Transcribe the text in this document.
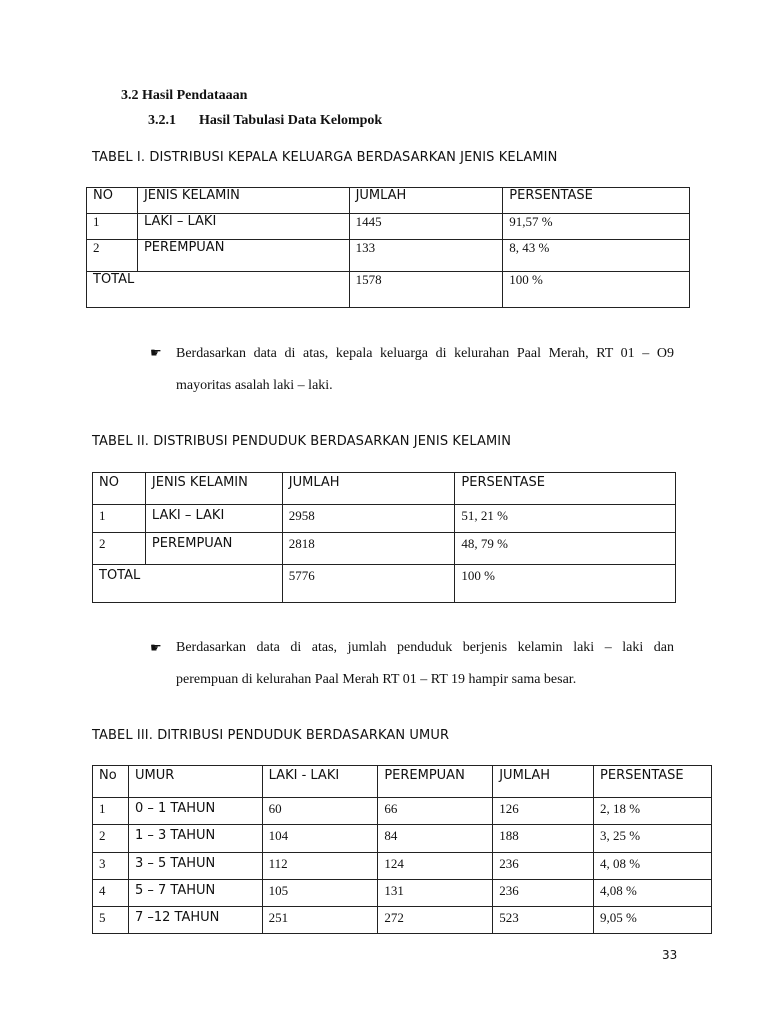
3.2 Hasil Pendataaan
3.2.1 Hasil Tabulasi Data Kelompok
TABEL I. DISTRIBUSI KEPALA KELUARGA BERDASARKAN JENIS KELAMIN
NO	JENIS KELAMIN	JUMLAH	PERSENTASE
1	LAKI – LAKI	1445	91,57 %
2	PEREMPUAN	133	8, 43 %
TOTAL		1578	100 %
☛ Berdasarkan data di atas, kepala keluarga di kelurahan Paal Merah, RT 01 – O9
mayoritas asalah laki – laki.
TABEL II. DISTRIBUSI PENDUDUK BERDASARKAN JENIS KELAMIN
NO	JENIS KELAMIN	JUMLAH	PERSENTASE
1	LAKI – LAKI	2958	51, 21 %
2	PEREMPUAN	2818	48, 79 %
TOTAL		5776	100 %
☛ Berdasarkan data di atas, jumlah penduduk berjenis kelamin laki – laki dan
perempuan di kelurahan Paal Merah RT 01 – RT 19 hampir sama besar.
TABEL III. DITRIBUSI PENDUDUK BERDASARKAN UMUR
No	UMUR	LAKI - LAKI	PEREMPUAN	JUMLAH	PERSENTASE
1	0 – 1 TAHUN	60	66	126	2, 18 %
2	1 – 3 TAHUN	104	84	188	3, 25 %
3	3 – 5 TAHUN	112	124	236	4, 08 %
4	5 – 7 TAHUN	105	131	236	4,08 %
5	7 –12 TAHUN	251	272	523	9,05 %
33
